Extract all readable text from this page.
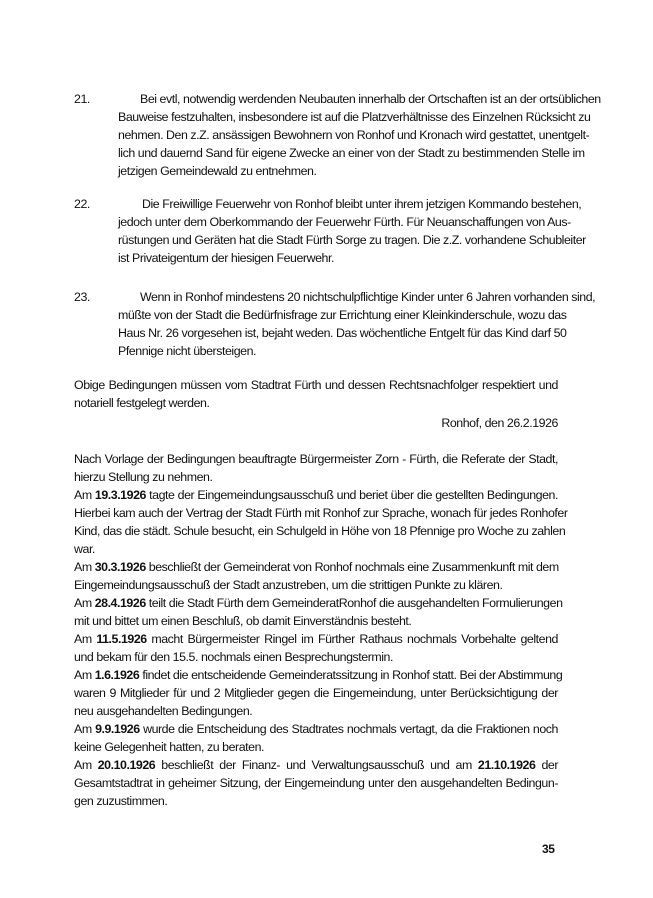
21.	Bei evtl, notwendig werdenden Neubauten innerhalb der Ortschaften ist an der ortsüblichen
Bauweise festzuhalten, insbesondere ist auf die Platzverhältnisse des Einzelnen Rücksicht zu
nehmen. Den z.Z. ansässigen Bewohnern von Ronhof und Kronach wird gestattet, unentgelt-
lich und dauernd Sand für eigene Zwecke an einer von der Stadt zu bestimmenden Stelle im
jetzigen Gemeindewald zu entnehmen.
22.	Die Freiwillige Feuerwehr von Ronhof bleibt unter ihrem jetzigen Kommando bestehen,
jedoch unter dem Oberkommando der Feuerwehr Fürth. Für Neuanschaffungen von Aus-
rüstungen und Geräten hat die Stadt Fürth Sorge zu tragen. Die z.Z. vorhandene Schubleiter
ist Privateigentum der hiesigen Feuerwehr.
23.	Wenn in Ronhof mindestens 20 nichtschulpflichtige Kinder unter 6 Jahren vorhanden sind,
müßte von der Stadt die Bedürfnisfrage zur Errichtung einer Kleinkinderschule, wozu das
Haus Nr. 26 vorgesehen ist, bejaht weden. Das wöchentliche Entgelt für das Kind darf 50
Pfennige nicht übersteigen.
Obige Bedingungen müssen vom Stadtrat Fürth und dessen Rechtsnachfolger respektiert und
notariell festgelegt werden.
Ronhof, den 26.2.1926
Nach Vorlage der Bedingungen beauftragte Bürgermeister Zorn - Fürth, die Referate der Stadt,
hierzu Stellung zu nehmen.
Am 19.3.1926 tagte der Eingemeindungsausschuß und beriet über die gestellten Bedingungen.
Hierbei kam auch der Vertrag der Stadt Fürth mit Ronhof zur Sprache, wonach für jedes Ronhofer
Kind, das die städt. Schule besucht, ein Schulgeld in Höhe von 18 Pfennige pro Woche zu zahlen
war.
Am 30.3.1926 beschließt der Gemeinderat von Ronhof nochmals eine Zusammenkunft mit dem
Eingemeindungsausschuß der Stadt anzustreben, um die strittigen Punkte zu klären.
Am 28.4.1926 teilt die Stadt Fürth dem GemeinderatRonhof die ausgehandelten Formulierungen
mit und bittet um einen Beschluß, ob damit Einverständnis besteht.
Am 11.5.1926 macht Bürgermeister Ringel im Fürther Rathaus nochmals Vorbehalte geltend
und bekam für den 15.5. nochmals einen Besprechungstermin.
Am 1.6.1926 findet die entscheidende Gemeinderatssitzung in Ronhof statt. Bei der Abstimmung
waren 9 Mitglieder für und 2 Mitglieder gegen die Eingemeindung, unter Berücksichtigung der
neu ausgehandelten Bedingungen.
Am 9.9.1926 wurde die Entscheidung des Stadtrates nochmals vertagt, da die Fraktionen noch
keine Gelegenheit hatten, zu beraten.
Am 20.10.1926 beschließt der Finanz- und Verwaltungsausschuß und am 21.10.1926 der
Gesamtstadtrat in geheimer Sitzung, der Eingemeindung unter den ausgehandelten Bedingun-
gen zuzustimmen.
35
